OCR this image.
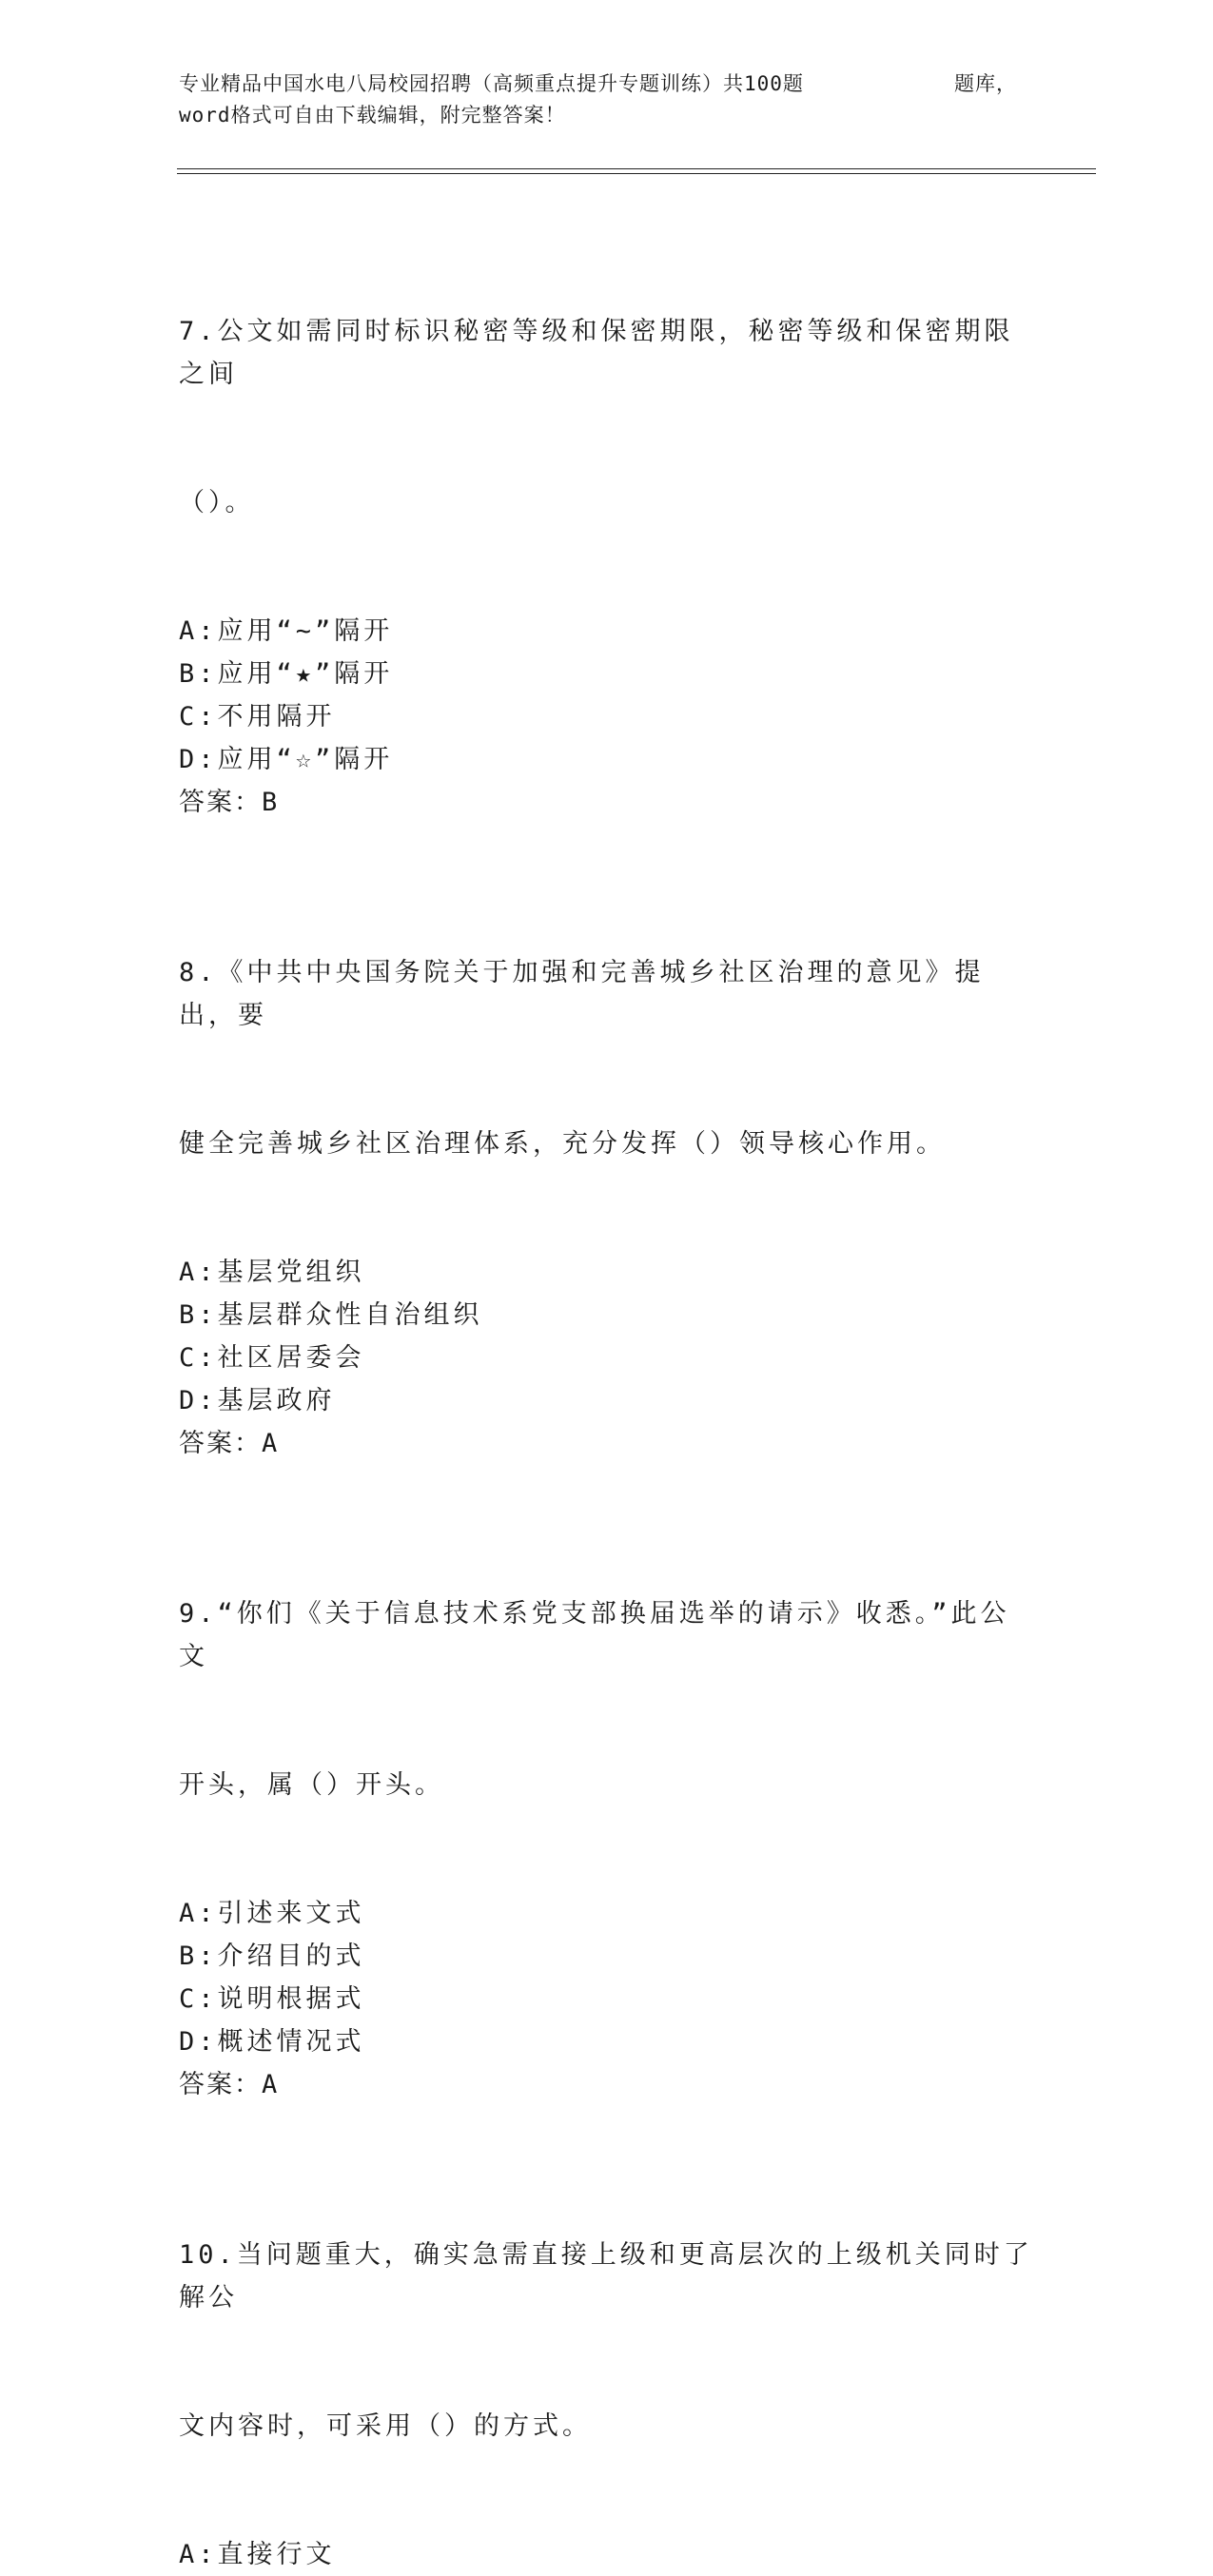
专业精品中国水电八局校园招聘（高频重点提升专题训练）共100题	题库，
word格式可自由下载编辑，附完整答案！

7.公文如需同时标识秘密等级和保密期限，秘密等级和保密期限之间

（）。

A:应用“~”隔开
B:应用“★”隔开
C:不用隔开
D:应用“☆”隔开
答案：B

8.《中共中央国务院关于加强和完善城乡社区治理的意见》提出，要

健全完善城乡社区治理体系，充分发挥（）领导核心作用。

A:基层党组织
B:基层群众性自治组织
C:社区居委会
D:基层政府
答案：A

9.“你们《关于信息技术系党支部换届选举的请示》收悉。”此公文

开头，属（）开头。

A:引述来文式
B:介绍目的式
C:说明根据式
D:概述情况式
答案：A

10.当问题重大，确实急需直接上级和更高层次的上级机关同时了解公

文内容时，可采用（）的方式。

A:直接行文
